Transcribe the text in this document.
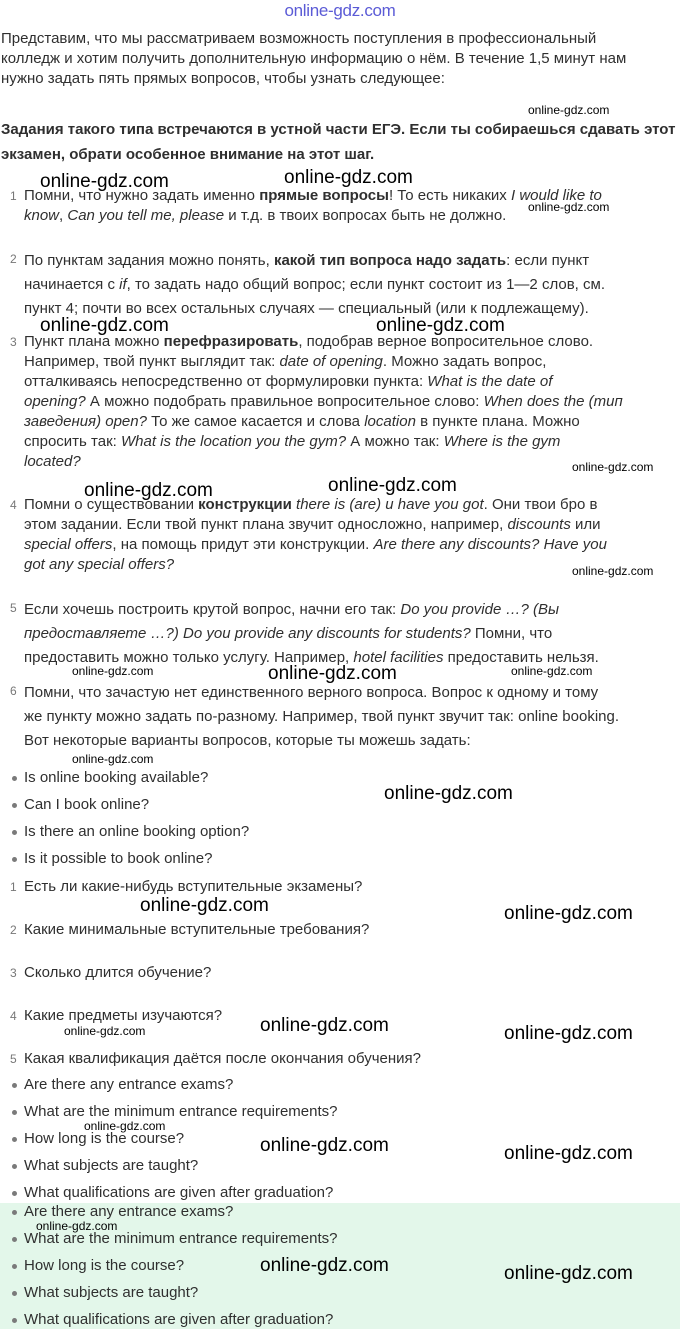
online-gdz.com
Представим, что мы рассматриваем возможность поступления в профессиональный
колледж и хотим получить дополнительную информацию о нём. В течение 1,5 минут нам
нужно задать пять прямых вопросов, чтобы узнать следующее:
Задания такого типа встречаются в устной части ЕГЭ. Если ты собираешься сдавать этот
экзамен, обрати особенное внимание на этот шаг.
1 Помни, что нужно задать именно прямые вопросы! То есть никаких I would like to
know, Can you tell me, please и т.д. в твоих вопросах быть не должно.
2 По пунктам задания можно понять, какой тип вопроса надо задать: если пункт
начинается с if, то задать надо общий вопрос; если пункт состоит из 1—2 слов, см.
пункт 4; почти во всех остальных случаях — специальный (или к подлежащему).
3 Пункт плана можно перефразировать, подобрав верное вопросительное слово.
Например, твой пункт выглядит так: date of opening. Можно задать вопрос,
отталкиваясь непосредственно от формулировки пункта: What is the date of
opening? А можно подобрать правильное вопросительное слово: When does the (тип
заведения) open? То же самое касается и слова location в пункте плана. Можно
спросить так: What is the location you the gym? А можно так: Where is the gym
located?
4 Помни о существовании конструкции there is (are) и have you got. Они твои бро в
этом задании. Если твой пункт плана звучит односложно, например, discounts или
special offers, на помощь придут эти конструкции. Are there any discounts? Have you
got any special offers?
5 Если хочешь построить крутой вопрос, начни его так: Do you provide …? (Вы
предоставляете …?) Do you provide any discounts for students? Помни, что
предоставить можно только услугу. Например, hotel facilities предоставить нельзя.
6 Помни, что зачастую нет единственного верного вопроса. Вопрос к одному и тому
же пункту можно задать по-разному. Например, твой пункт звучит так: online booking.
Вот некоторые варианты вопросов, которые ты можешь задать:
Is online booking available?
Can I book online?
Is there an online booking option?
Is it possible to book online?
1 Есть ли какие-нибудь вступительные экзамены?
2 Какие минимальные вступительные требования?
3 Сколько длится обучение?
4 Какие предметы изучаются?
5 Какая квалификация даётся после окончания обучения?
Are there any entrance exams?
What are the minimum entrance requirements?
How long is the course?
What subjects are taught?
What qualifications are given after graduation?
Are there any entrance exams?
What are the minimum entrance requirements?
How long is the course?
What subjects are taught?
What qualifications are given after graduation?
online-gdz.com
online-gdz.com	online-gdz.com
online-gdz.com
online-gdz.com	online-gdz.com
online-gdz.com
online-gdz.com	online-gdz.com
online-gdz.com
online-gdz.com	online-gdz.com	online-gdz.com
online-gdz.com
online-gdz.com
online-gdz.com	online-gdz.com
online-gdz.com	online-gdz.com	online-gdz.com
online-gdz.com
online-gdz.com	online-gdz.com
online-gdz.com
online-gdz.com	online-gdz.com
